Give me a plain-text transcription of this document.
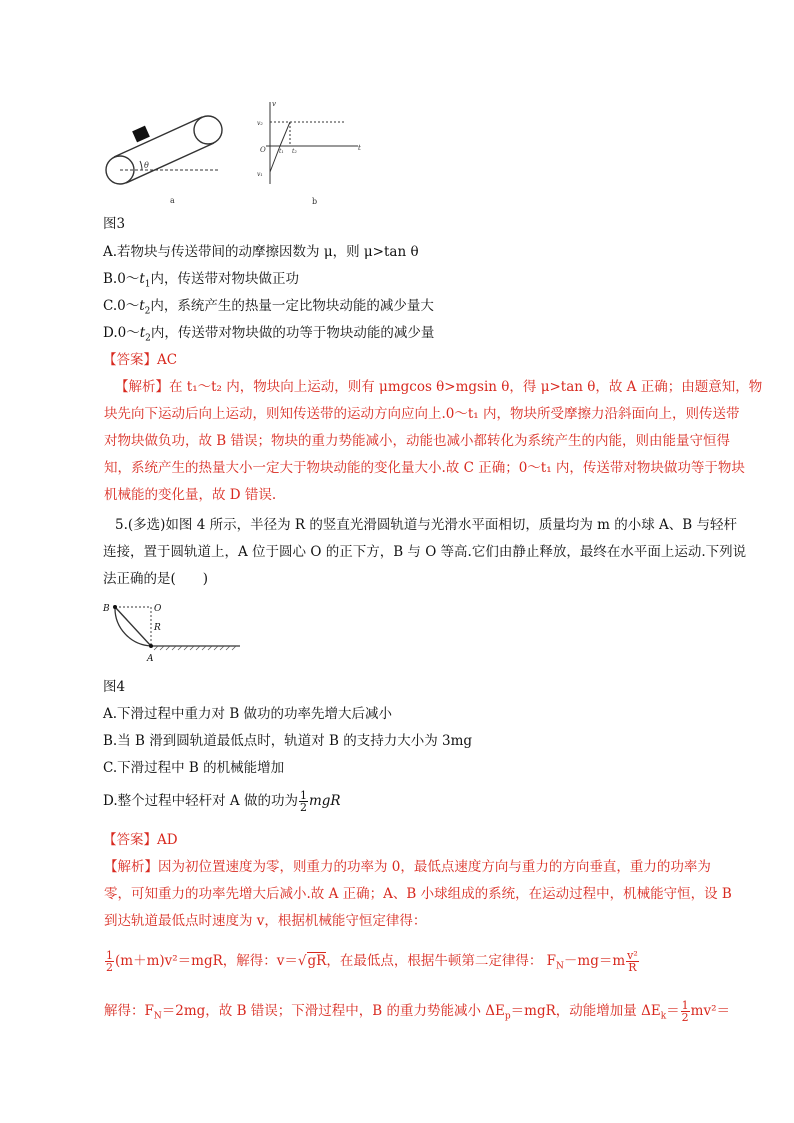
θ
a
v
t
O
v₂
v₁
t₁ t₂
b
图3
A.若物块与传送带间的动摩擦因数为 μ，则 μ>tan θ
$B.0\sim t_1$内，传送带对物块做正功
$C.0\sim t_2$内，系统产生的热量一定比物块动能的减少量大
$D.0\sim t_2$内，传送带对物块做的功等于物块动能的减少量
【答案】AC
【解析】在 t₁～t₂ 内，物块向上运动，则有 μmgcos θ>mgsin θ，得 μ>tan θ，故 A 正确；由题意知，物
块先向下运动后向上运动，则知传送带的运动方向应向上.0～t₁ 内，物块所受摩擦力沿斜面向上，则传送带
对物块做负功，故 B 错误；物块的重力势能减小，动能也减小都转化为系统产生的内能，则由能量守恒得
知，系统产生的热量大小一定大于物块动能的变化量大小.故 C 正确；0～t₁ 内，传送带对物块做功等于物块
机械能的变化量，故 D 错误.
5.(多选)如图 4 所示，半径为 R 的竖直光滑圆轨道与光滑水平面相切，质量均为 m 的小球 A、B 与轻杆
连接，置于圆轨道上，A 位于圆心 O 的正下方，B 与 O 等高.它们由静止释放，最终在水平面上运动.下列说
法正确的是(　　)
B	O
R
A
图4
A.下滑过程中重力对 B 做功的功率先增大后减小
B.当 B 滑到圆轨道最低点时，轨道对 B 的支持力大小为 3mg
C.下滑过程中 B 的机械能增加
D.整个过程中轻杆对 A 做的功为 $\frac{1}{2}$ mgR
【答案】AD
【解析】因为初位置速度为零，则重力的功率为 0，最低点速度方向与重力的方向垂直，重力的功率为
零，可知重力的功率先增大后减小.故 A 正确；A、B 小球组成的系统，在运动过程中，机械能守恒，设 B
到达轨道最低点时速度为 v，根据机械能守恒定律得：
$\frac{1}{2} (m+m)v^2=mgR$，解得：v＝√gR，在最低点，根据牛顿第二定律得： $F_N-mg=m \frac{\text{v²}}{R}$
解得：$F_N=2mg$，故 B 错误；下滑过程中，B 的重力势能减小 $\Delta E_p=mgR$，动能增加量 $\Delta E_k= \frac{1}{2} mv^2=$
